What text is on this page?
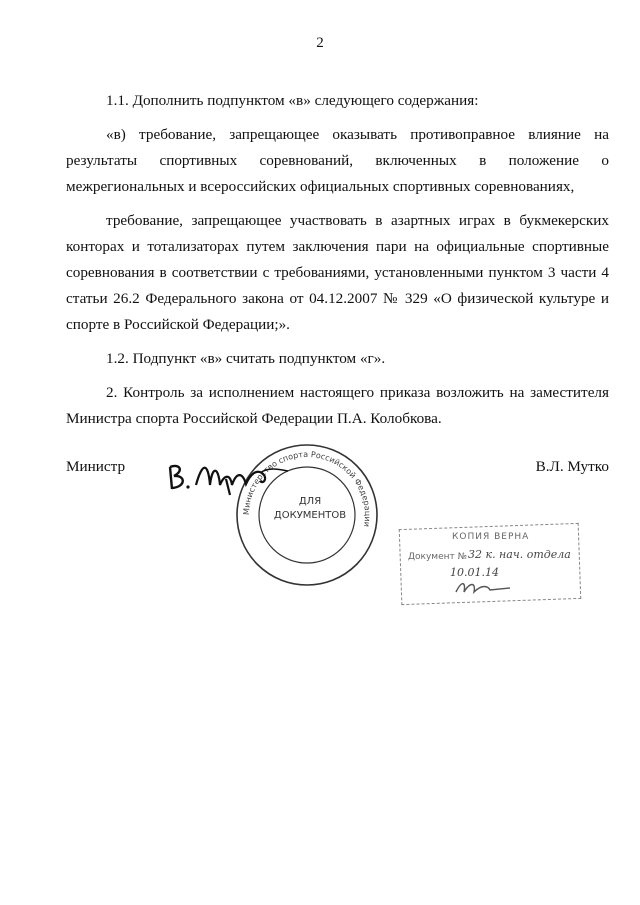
2

1.1. Дополнить подпунктом «в» следующего содержания:

«в) требование, запрещающее оказывать противоправное влияние на результаты спортивных соревнований, включенных в положение о межрегиональных и всероссийских официальных спортивных соревнованиях,

требование, запрещающее участвовать в азартных играх в букмекерских конторах и тотализаторах путем заключения пари на официальные спортивные соревнования в соответствии с требованиями, установленными пунктом 3 части 4 статьи 26.2 Федерального закона от 04.12.2007 № 329 «О физической культуре и спорте в Российской Федерации;».

1.2. Подпункт «в» считать подпунктом «г».

2. Контроль за исполнением настоящего приказа возложить на заместителя Министра спорта Российской Федерации П.А. Колобкова.

Министр	В.Л. Мутко
Министерство спорта Российской Федерации
ДЛЯ
ДОКУМЕНТОВ
КОПИЯ ВЕРНА
Документ № 32 к. нач. отдела
10.01.14
